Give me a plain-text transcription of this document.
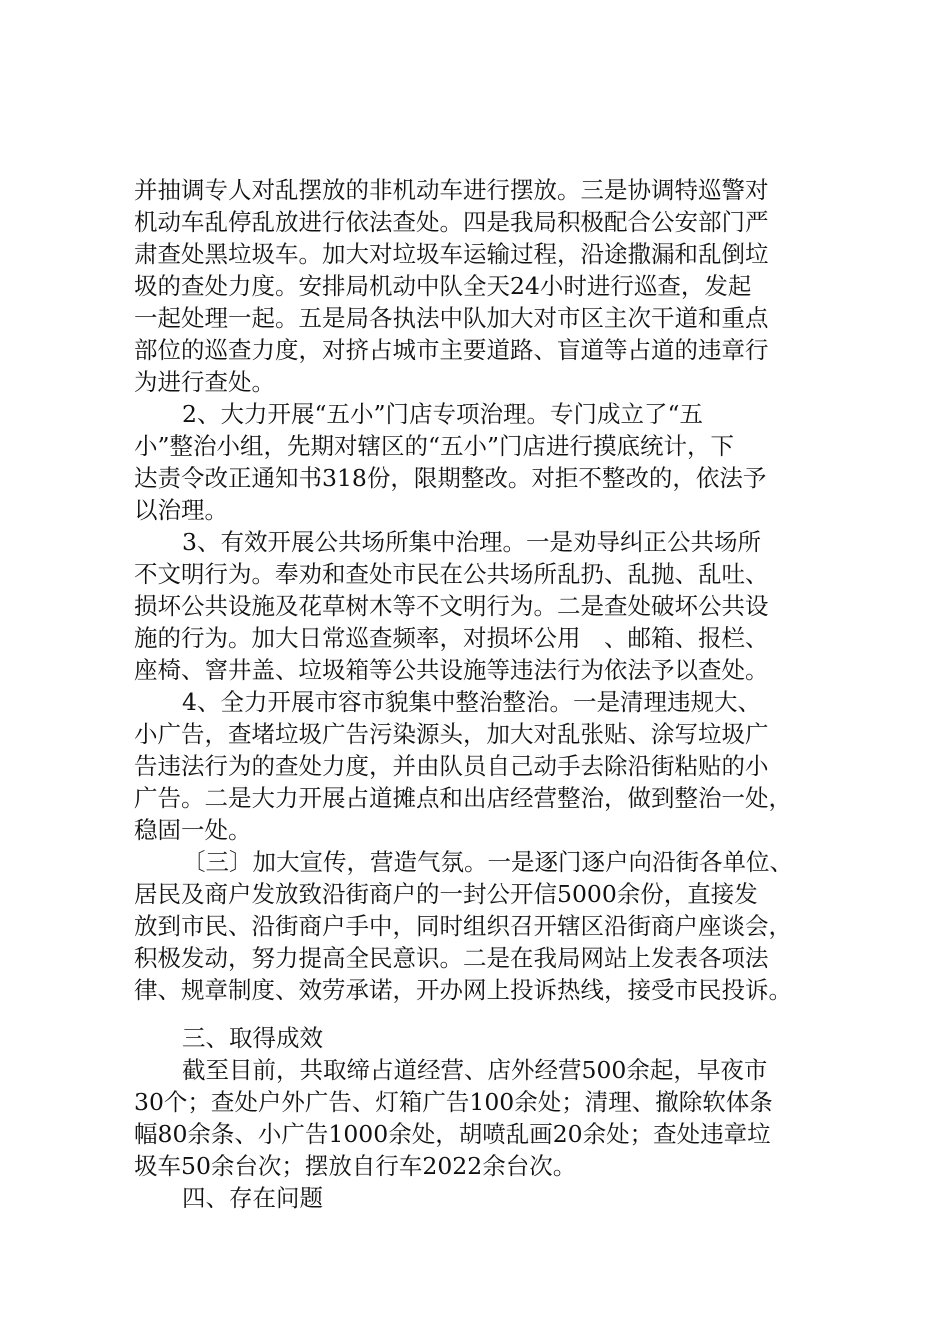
并抽调专人对乱摆放的非机动车进行摆放。三是协调特巡警对

机动车乱停乱放进行依法查处。四是我局积极配合公安部门严

肃查处黑垃圾车。加大对垃圾车运输过程，沿途撒漏和乱倒垃

圾的查处力度。安排局机动中队全天24小时进行巡查，发起

一起处理一起。五是局各执法中队加大对市区主次干道和重点

部位的巡查力度，对挤占城市主要道路、盲道等占道的违章行

为进行查处。

2、大力开展“五小”门店专项治理。专门成立了“五

小”整治小组，先期对辖区的“五小”门店进行摸底统计，下

达责令改正通知书318份，限期整改。对拒不整改的，依法予

以治理。

3、有效开展公共场所集中治理。一是劝导纠正公共场所

不文明行为。奉劝和查处市民在公共场所乱扔、乱抛、乱吐、

损坏公共设施及花草树木等不文明行为。二是查处破坏公共设

施的行为。加大日常巡查频率，对损坏公用　、邮箱、报栏、

座椅、窨井盖、垃圾箱等公共设施等违法行为依法予以查处。

4、全力开展市容市貌集中整治整治。一是清理违规大、

小广告，查堵垃圾广告污染源头，加大对乱张贴、涂写垃圾广

告违法行为的查处力度，并由队员自己动手去除沿街粘贴的小

广告。二是大力开展占道摊点和出店经营整治，做到整治一处，

稳固一处。

〔三〕加大宣传，营造气氛。一是逐门逐户向沿街各单位、

居民及商户发放致沿街商户的一封公开信5000余份，直接发

放到市民、沿街商户手中，同时组织召开辖区沿街商户座谈会，

积极发动，努力提高全民意识。二是在我局网站上发表各项法

律、规章制度、效劳承诺，开办网上投诉热线，接受市民投诉。

三、取得成效

截至目前，共取缔占道经营、店外经营500余起，早夜市

30个；查处户外广告、灯箱广告100余处；清理、撤除软体条

幅80余条、小广告1000余处，胡喷乱画20余处；查处违章垃

圾车50余台次；摆放自行车2022余台次。

四、存在问题
